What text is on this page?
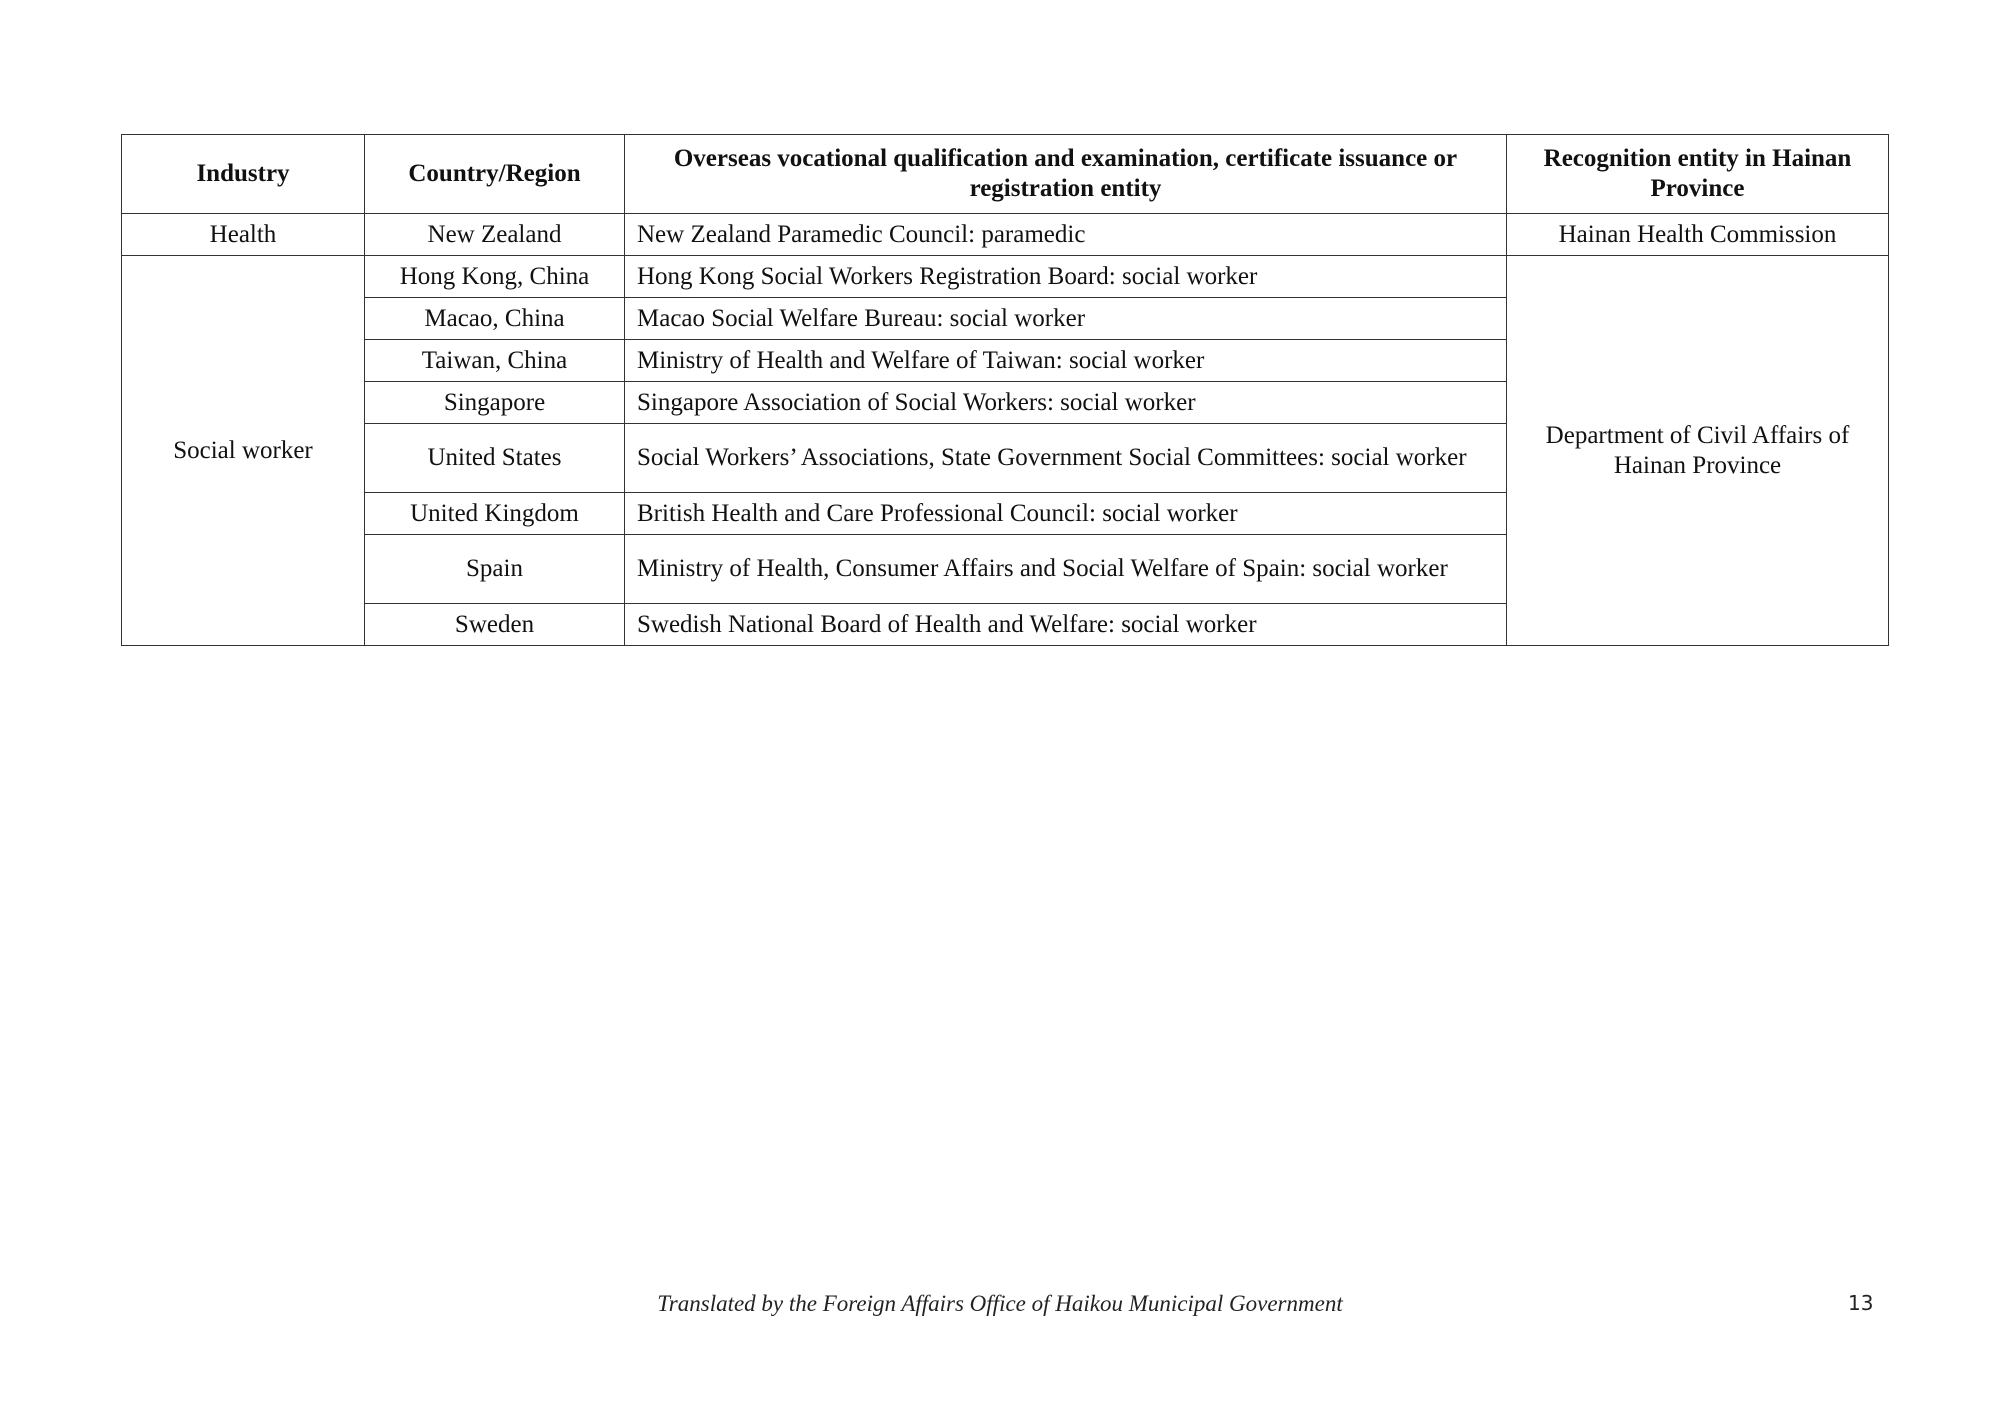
Industry	Country/Region	Overseas vocational qualification and examination, certificate issuance or registration entity	Recognition entity in Hainan Province
Health	New Zealand	New Zealand Paramedic Council: paramedic	Hainan Health Commission
Social worker	Hong Kong, China	Hong Kong Social Workers Registration Board: social worker	Department of Civil Affairs of Hainan Province
	Macao, China	Macao Social Welfare Bureau: social worker	
	Taiwan, China	Ministry of Health and Welfare of Taiwan: social worker	
	Singapore	Singapore Association of Social Workers: social worker	
	United States	Social Workers’ Associations, State Government Social Committees: social worker	
	United Kingdom	British Health and Care Professional Council: social worker	
	Spain	Ministry of Health, Consumer Affairs and Social Welfare of Spain: social worker	
	Sweden	Swedish National Board of Health and Welfare: social worker	
Translated by the Foreign Affairs Office of Haikou Municipal Government	13
